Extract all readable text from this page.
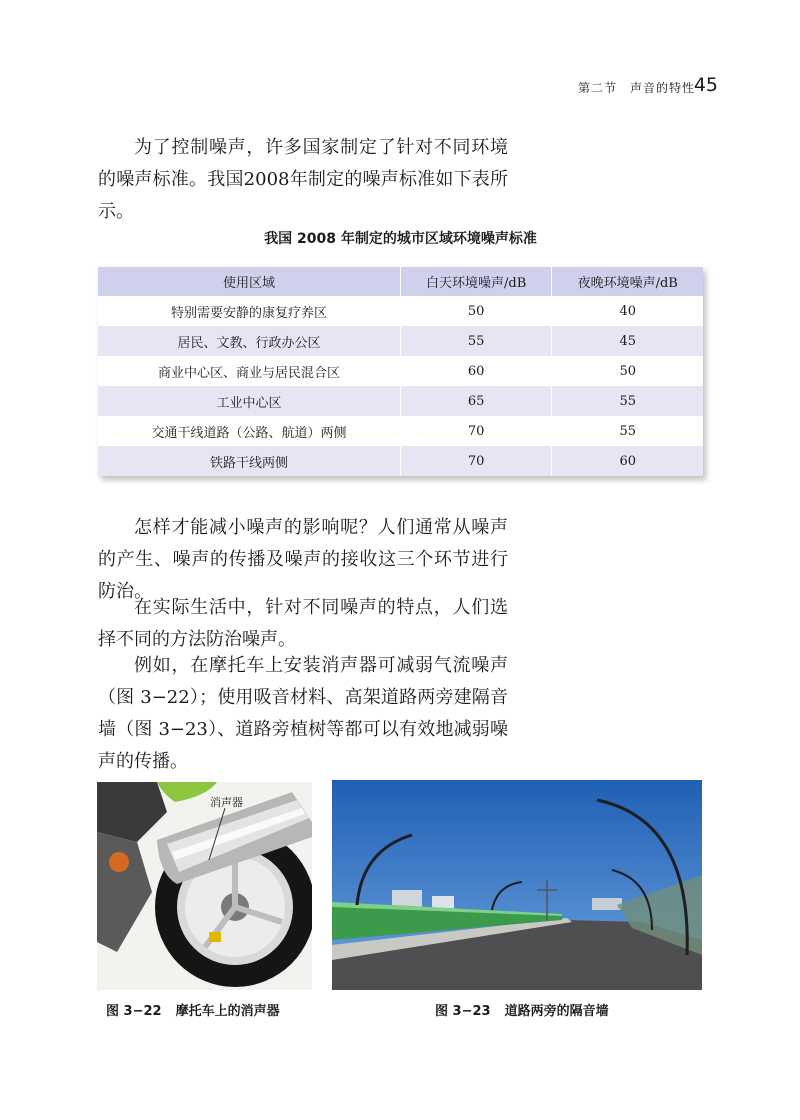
第二节　声音的特性
45

为了控制噪声，许多国家制定了针对不同环境的噪声标准。我国2008年制定的噪声标准如下表所示。

我国 2008 年制定的城市区域环境噪声标准
使用区域	白天环境噪声/dB	夜晚环境噪声/dB
特别需要安静的康复疗养区	50	40
居民、文教、行政办公区	55	45
商业中心区、商业与居民混合区	60	50
工业中心区	65	55
交通干线道路（公路、航道）两侧	70	55
铁路干线两侧	70	60

怎样才能减小噪声的影响呢？人们通常从噪声的产生、噪声的传播及噪声的接收这三个环节进行防治。

在实际生活中，针对不同噪声的特点，人们选择不同的方法防治噪声。

例如，在摩托车上安装消声器可减弱气流噪声（图 3−22）；使用吸音材料、高架道路两旁建隔音墙（图 3−23）、道路旁植树等都可以有效地减弱噪声的传播。

消声器
图 3−22 摩托车上的消声器	图 3−23 道路两旁的隔音墙
